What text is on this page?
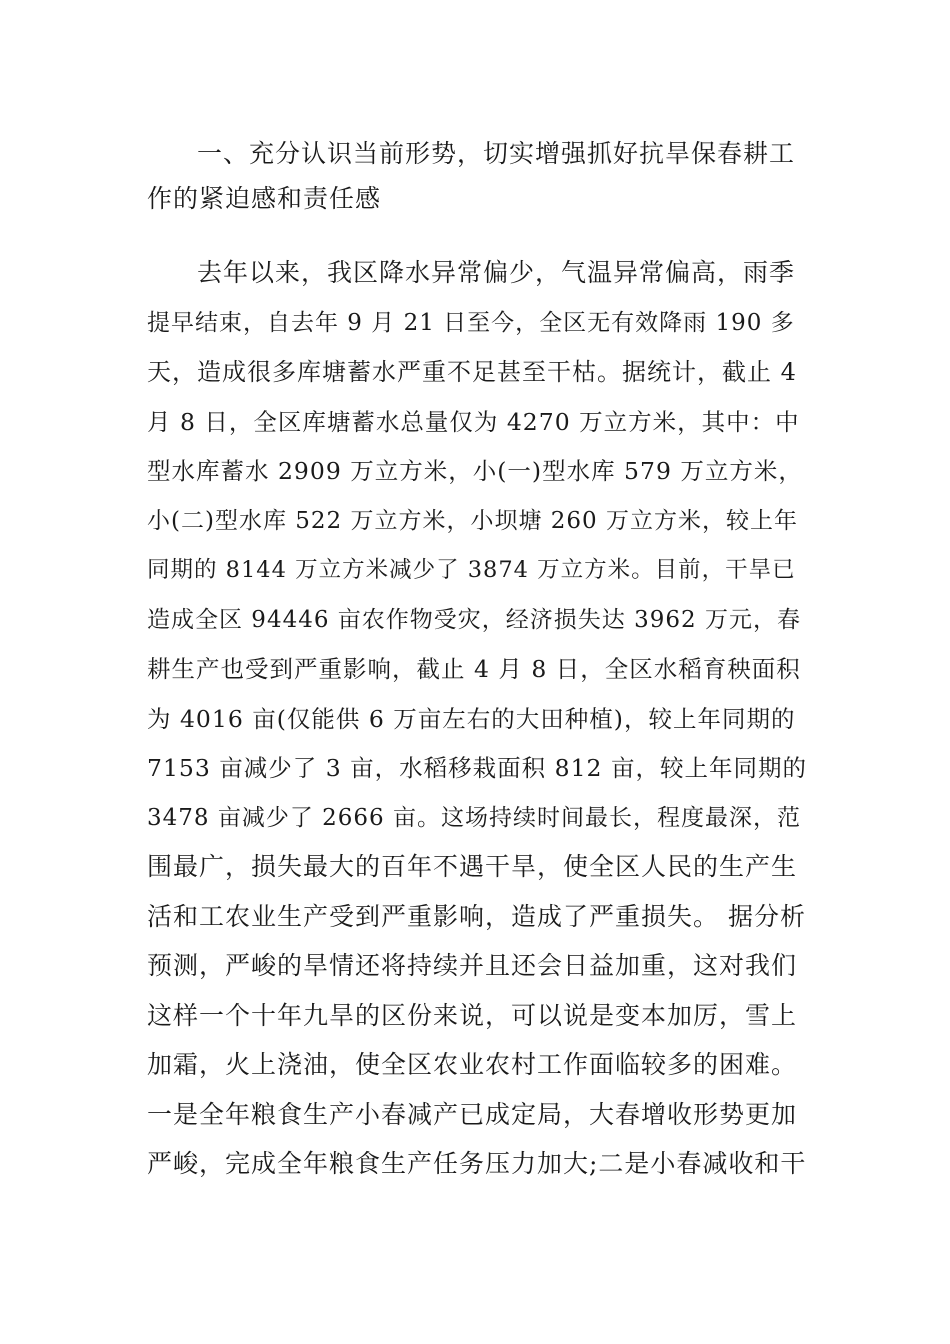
一、充分认识当前形势，切实增强抓好抗旱保春耕工
作的紧迫感和责任感
去年以来，我区降水异常偏少，气温异常偏高，雨季
提早结束，自去年 9 月 21 日至今，全区无有效降雨 190 多
天，造成很多库塘蓄水严重不足甚至干枯。据统计，截止 4
月 8 日，全区库塘蓄水总量仅为 4270 万立方米，其中：中
型水库蓄水 2909 万立方米，小(一)型水库 579 万立方米，
小(二)型水库 522 万立方米，小坝塘 260 万立方米，较上年
同期的 8144 万立方米减少了 3874 万立方米。目前，干旱已
造成全区 94446 亩农作物受灾，经济损失达 3962 万元，春
耕生产也受到严重影响，截止 4 月 8 日，全区水稻育秧面积
为 4016 亩(仅能供 6 万亩左右的大田种植)，较上年同期的
7153 亩减少了 3 亩，水稻移栽面积 812 亩，较上年同期的
3478 亩减少了 2666 亩。这场持续时间最长，程度最深，范
围最广，损失最大的百年不遇干旱，使全区人民的生产生
活和工农业生产受到严重影响，造成了严重损失。 据分析
预测，严峻的旱情还将持续并且还会日益加重，这对我们
这样一个十年九旱的区份来说，可以说是变本加厉，雪上
加霜，火上浇油，使全区农业农村工作面临较多的困难。
一是全年粮食生产小春减产已成定局，大春增收形势更加
严峻，完成全年粮食生产任务压力加大;二是小春减收和干
